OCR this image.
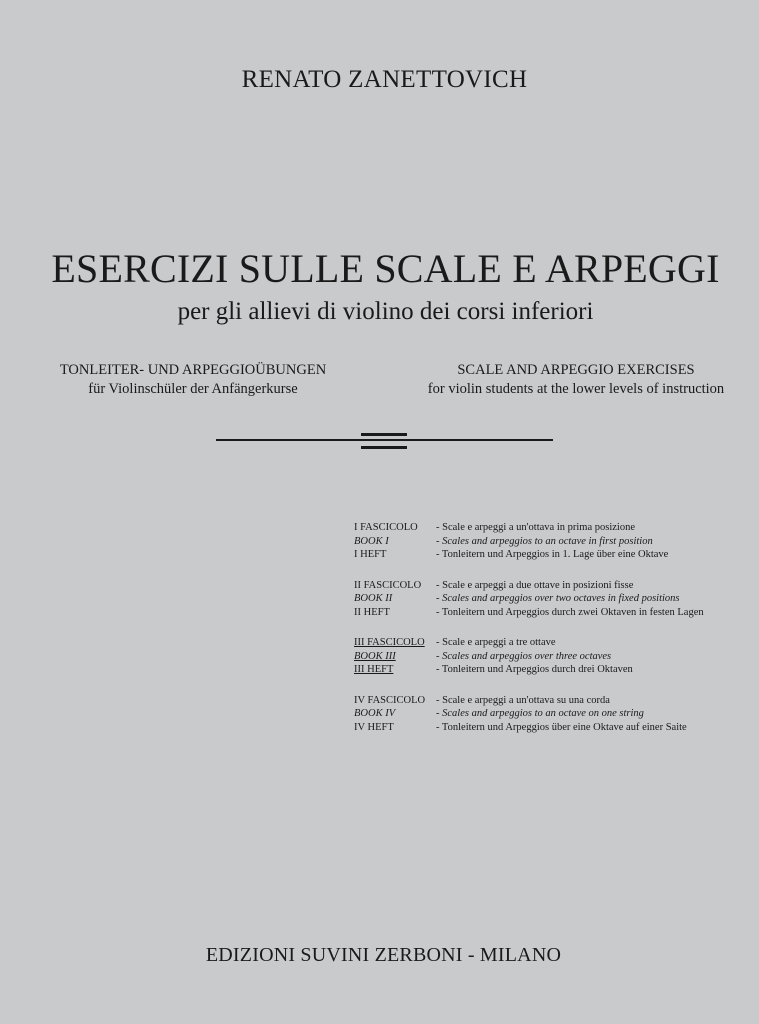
RENATO ZANETTOVICH
ESERCIZI SULLE SCALE E ARPEGGI
per gli allievi di violino dei corsi inferiori
TONLEITER- UND ARPEGGIOÜBUNGEN
für Violinschüler der Anfängerkurse
SCALE AND ARPEGGIO EXERCISES
for violin students at the lower levels of instruction
I FASCICOLO	- Scale e arpeggi a un'ottava in prima posizione
BOOK I	- Scales and arpeggios to an octave in first position
I HEFT	- Tonleitern und Arpeggios in 1. Lage über eine Oktave
II FASCICOLO	- Scale e arpeggi a due ottave in posizioni fisse
BOOK II	- Scales and arpeggios over two octaves in fixed positions
II HEFT	- Tonleitern und Arpeggios durch zwei Oktaven in festen Lagen
III FASCICOLO	- Scale e arpeggi a tre ottave
BOOK III	- Scales and arpeggios over three octaves
III HEFT	- Tonleitern und Arpeggios durch drei Oktaven
IV FASCICOLO	- Scale e arpeggi a un'ottava su una corda
BOOK IV	- Scales and arpeggios to an octave on one string
IV HEFT	- Tonleitern und Arpeggios über eine Oktave auf einer Saite
EDIZIONI SUVINI ZERBONI - MILANO
